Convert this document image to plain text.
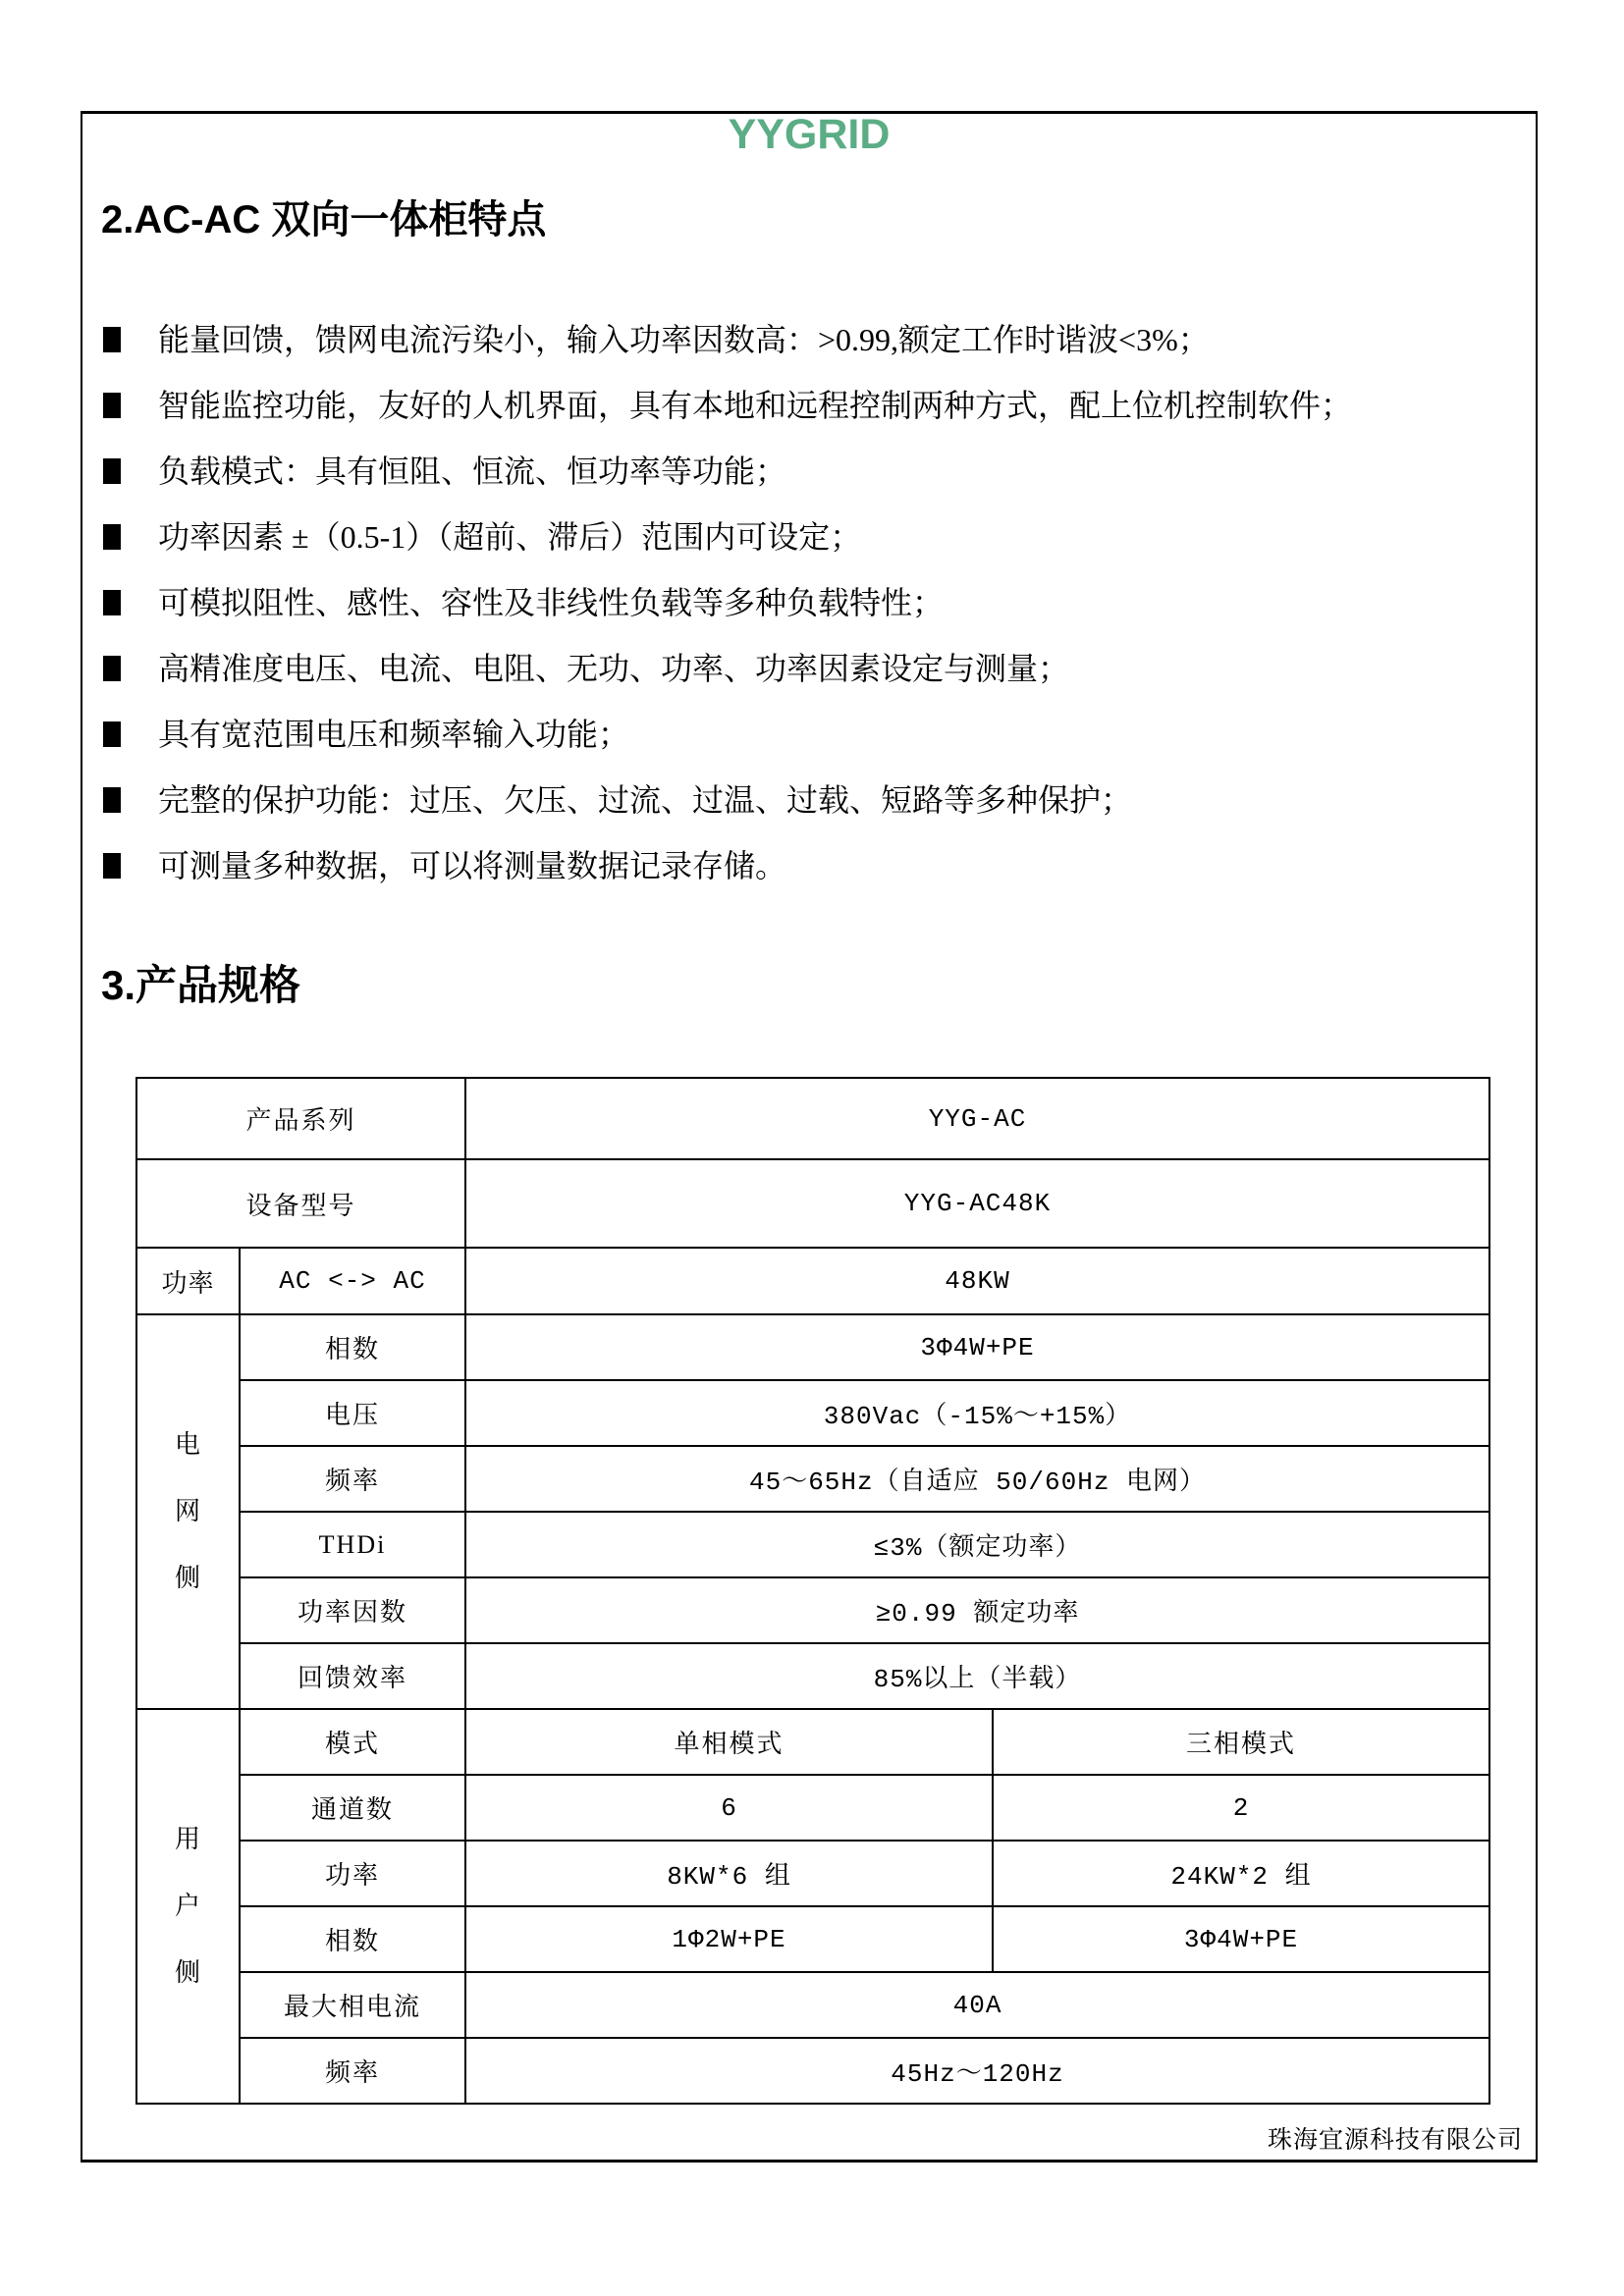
YYGRID
2.AC-AC 双向一体柜特点
能量回馈，馈网电流污染小，输入功率因数高：>0.99,额定工作时谐波<3%；
智能监控功能，友好的人机界面，具有本地和远程控制两种方式，配上位机控制软件；
负载模式：具有恒阻、恒流、恒功率等功能；
功率因素 ±（0.5-1）（超前、滞后）范围内可设定；
可模拟阻性、感性、容性及非线性负载等多种负载特性；
高精准度电压、电流、电阻、无功、功率、功率因素设定与测量；
具有宽范围电压和频率输入功能；
完整的保护功能：过压、欠压、过流、过温、过载、短路等多种保护；
可测量多种数据，可以将测量数据记录存储。
3.产品规格
产品系列		YYG-AC	
设备型号		YYG-AC48K	
功率	AC <-> AC	48KW	

电
网
侧	相数	3Φ4W+PE	
	电压	380Vac（-15%～+15%）	
	频率	45～65Hz（自适应 50/60Hz 电网）	
	THDi	≤3%（额定功率）	
	功率因数	≥0.99 额定功率	
	回馈效率	85%以上（半载）	

用
户
侧	模式	单相模式	三相模式
	通道数	6	2
	功率	8KW*6 组	24KW*2 组
	相数	1Φ2W+PE	3Φ4W+PE
	最大相电流	40A	
	频率	45Hz～120Hz	
珠海宜源科技有限公司
